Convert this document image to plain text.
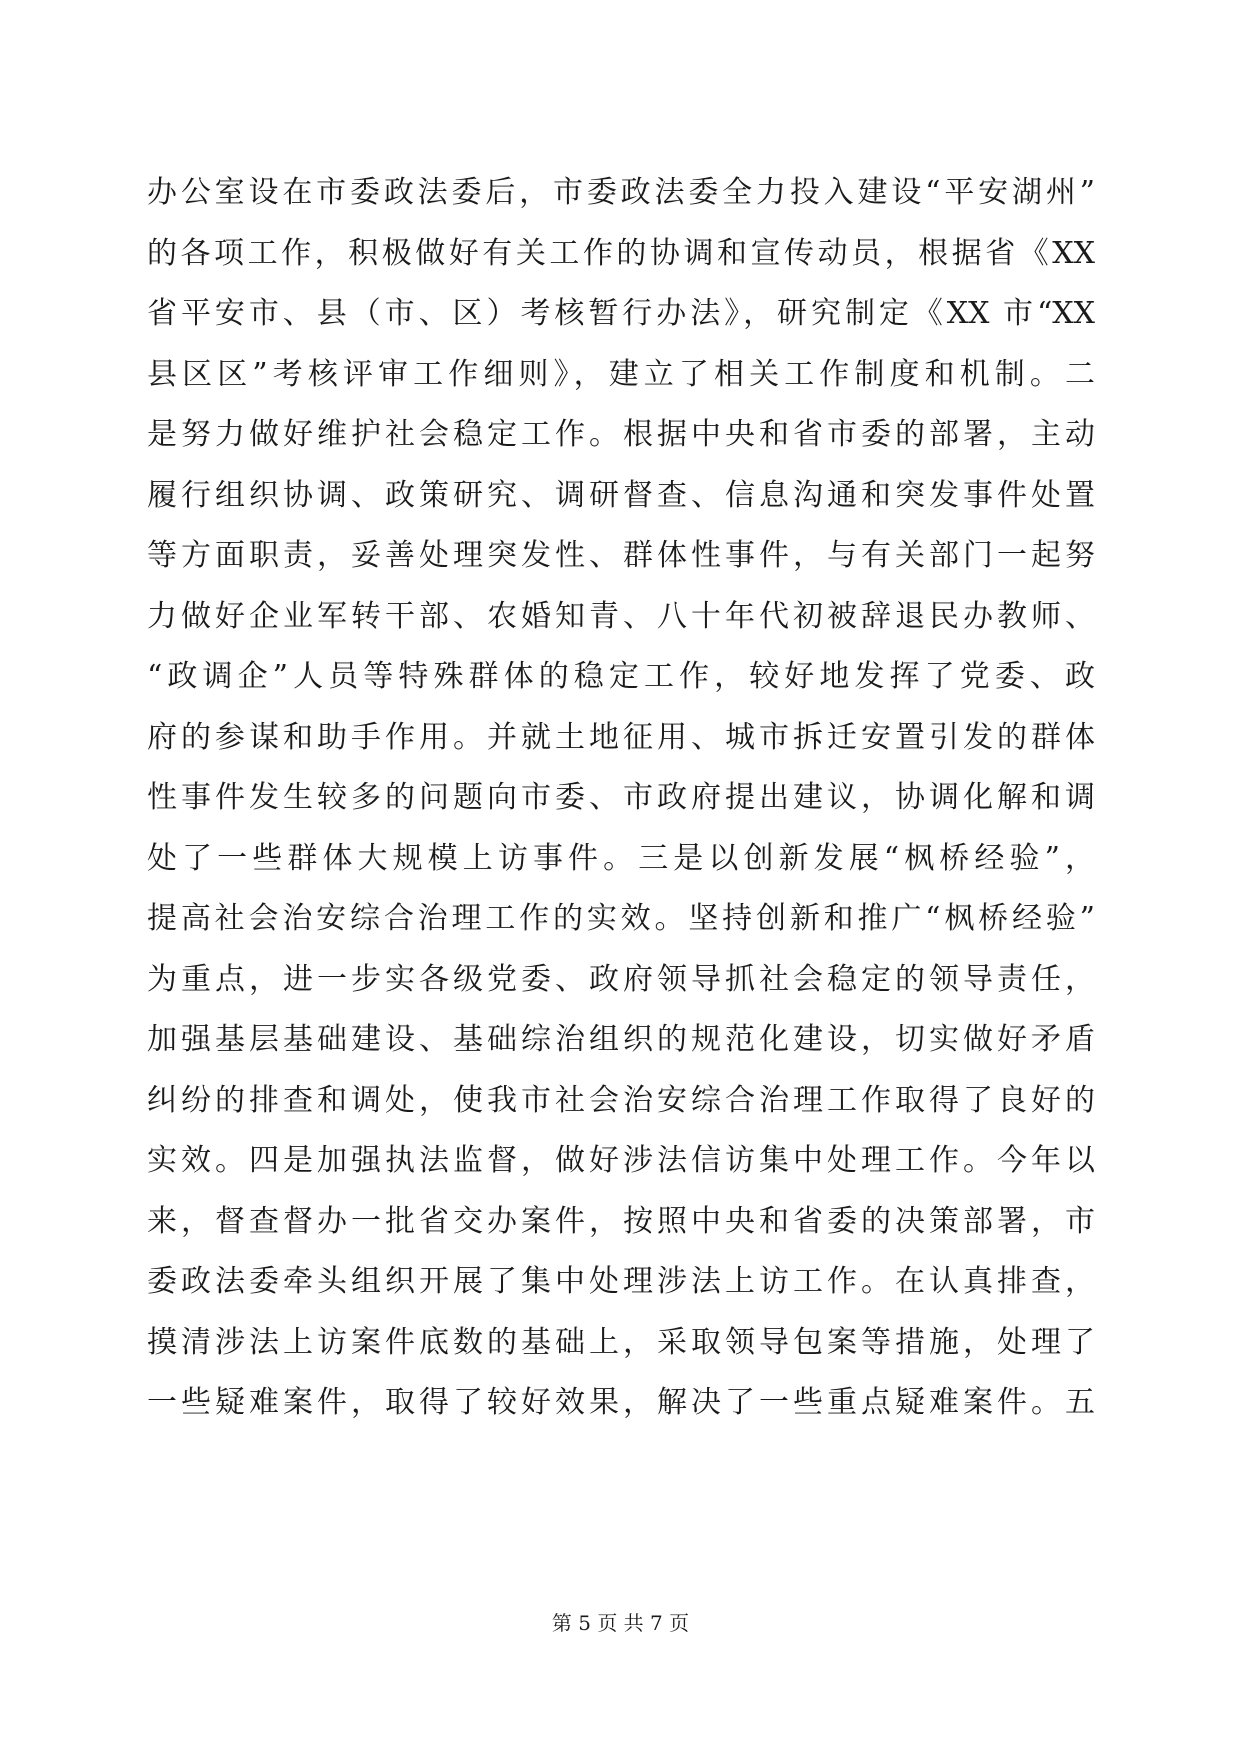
办公室设在市委政法委后，市委政法委全力投入建设“平安湖州”
的各项工作，积极做好有关工作的协调和宣传动员，根据省《XX
省平安市、县（市、区）考核暂行办法》，研究制定《XX 市“XX
县区区”考核评审工作细则》，建立了相关工作制度和机制。二
是努力做好维护社会稳定工作。根据中央和省市委的部署，主动
履行组织协调、政策研究、调研督查、信息沟通和突发事件处置
等方面职责，妥善处理突发性、群体性事件，与有关部门一起努
力做好企业军转干部、农婚知青、八十年代初被辞退民办教师、
“政调企”人员等特殊群体的稳定工作，较好地发挥了党委、政
府的参谋和助手作用。并就土地征用、城市拆迁安置引发的群体
性事件发生较多的问题向市委、市政府提出建议，协调化解和调
处了一些群体大规模上访事件。三是以创新发展“枫桥经验”，
提高社会治安综合治理工作的实效。坚持创新和推广“枫桥经验”
为重点，进一步实各级党委、政府领导抓社会稳定的领导责任，
加强基层基础建设、基础综治组织的规范化建设，切实做好矛盾
纠纷的排查和调处，使我市社会治安综合治理工作取得了良好的
实效。四是加强执法监督，做好涉法信访集中处理工作。今年以
来，督查督办一批省交办案件，按照中央和省委的决策部署，市
委政法委牵头组织开展了集中处理涉法上访工作。在认真排查，
摸清涉法上访案件底数的基础上，采取领导包案等措施，处理了
一些疑难案件，取得了较好效果，解决了一些重点疑难案件。五
第 5 页 共 7 页
